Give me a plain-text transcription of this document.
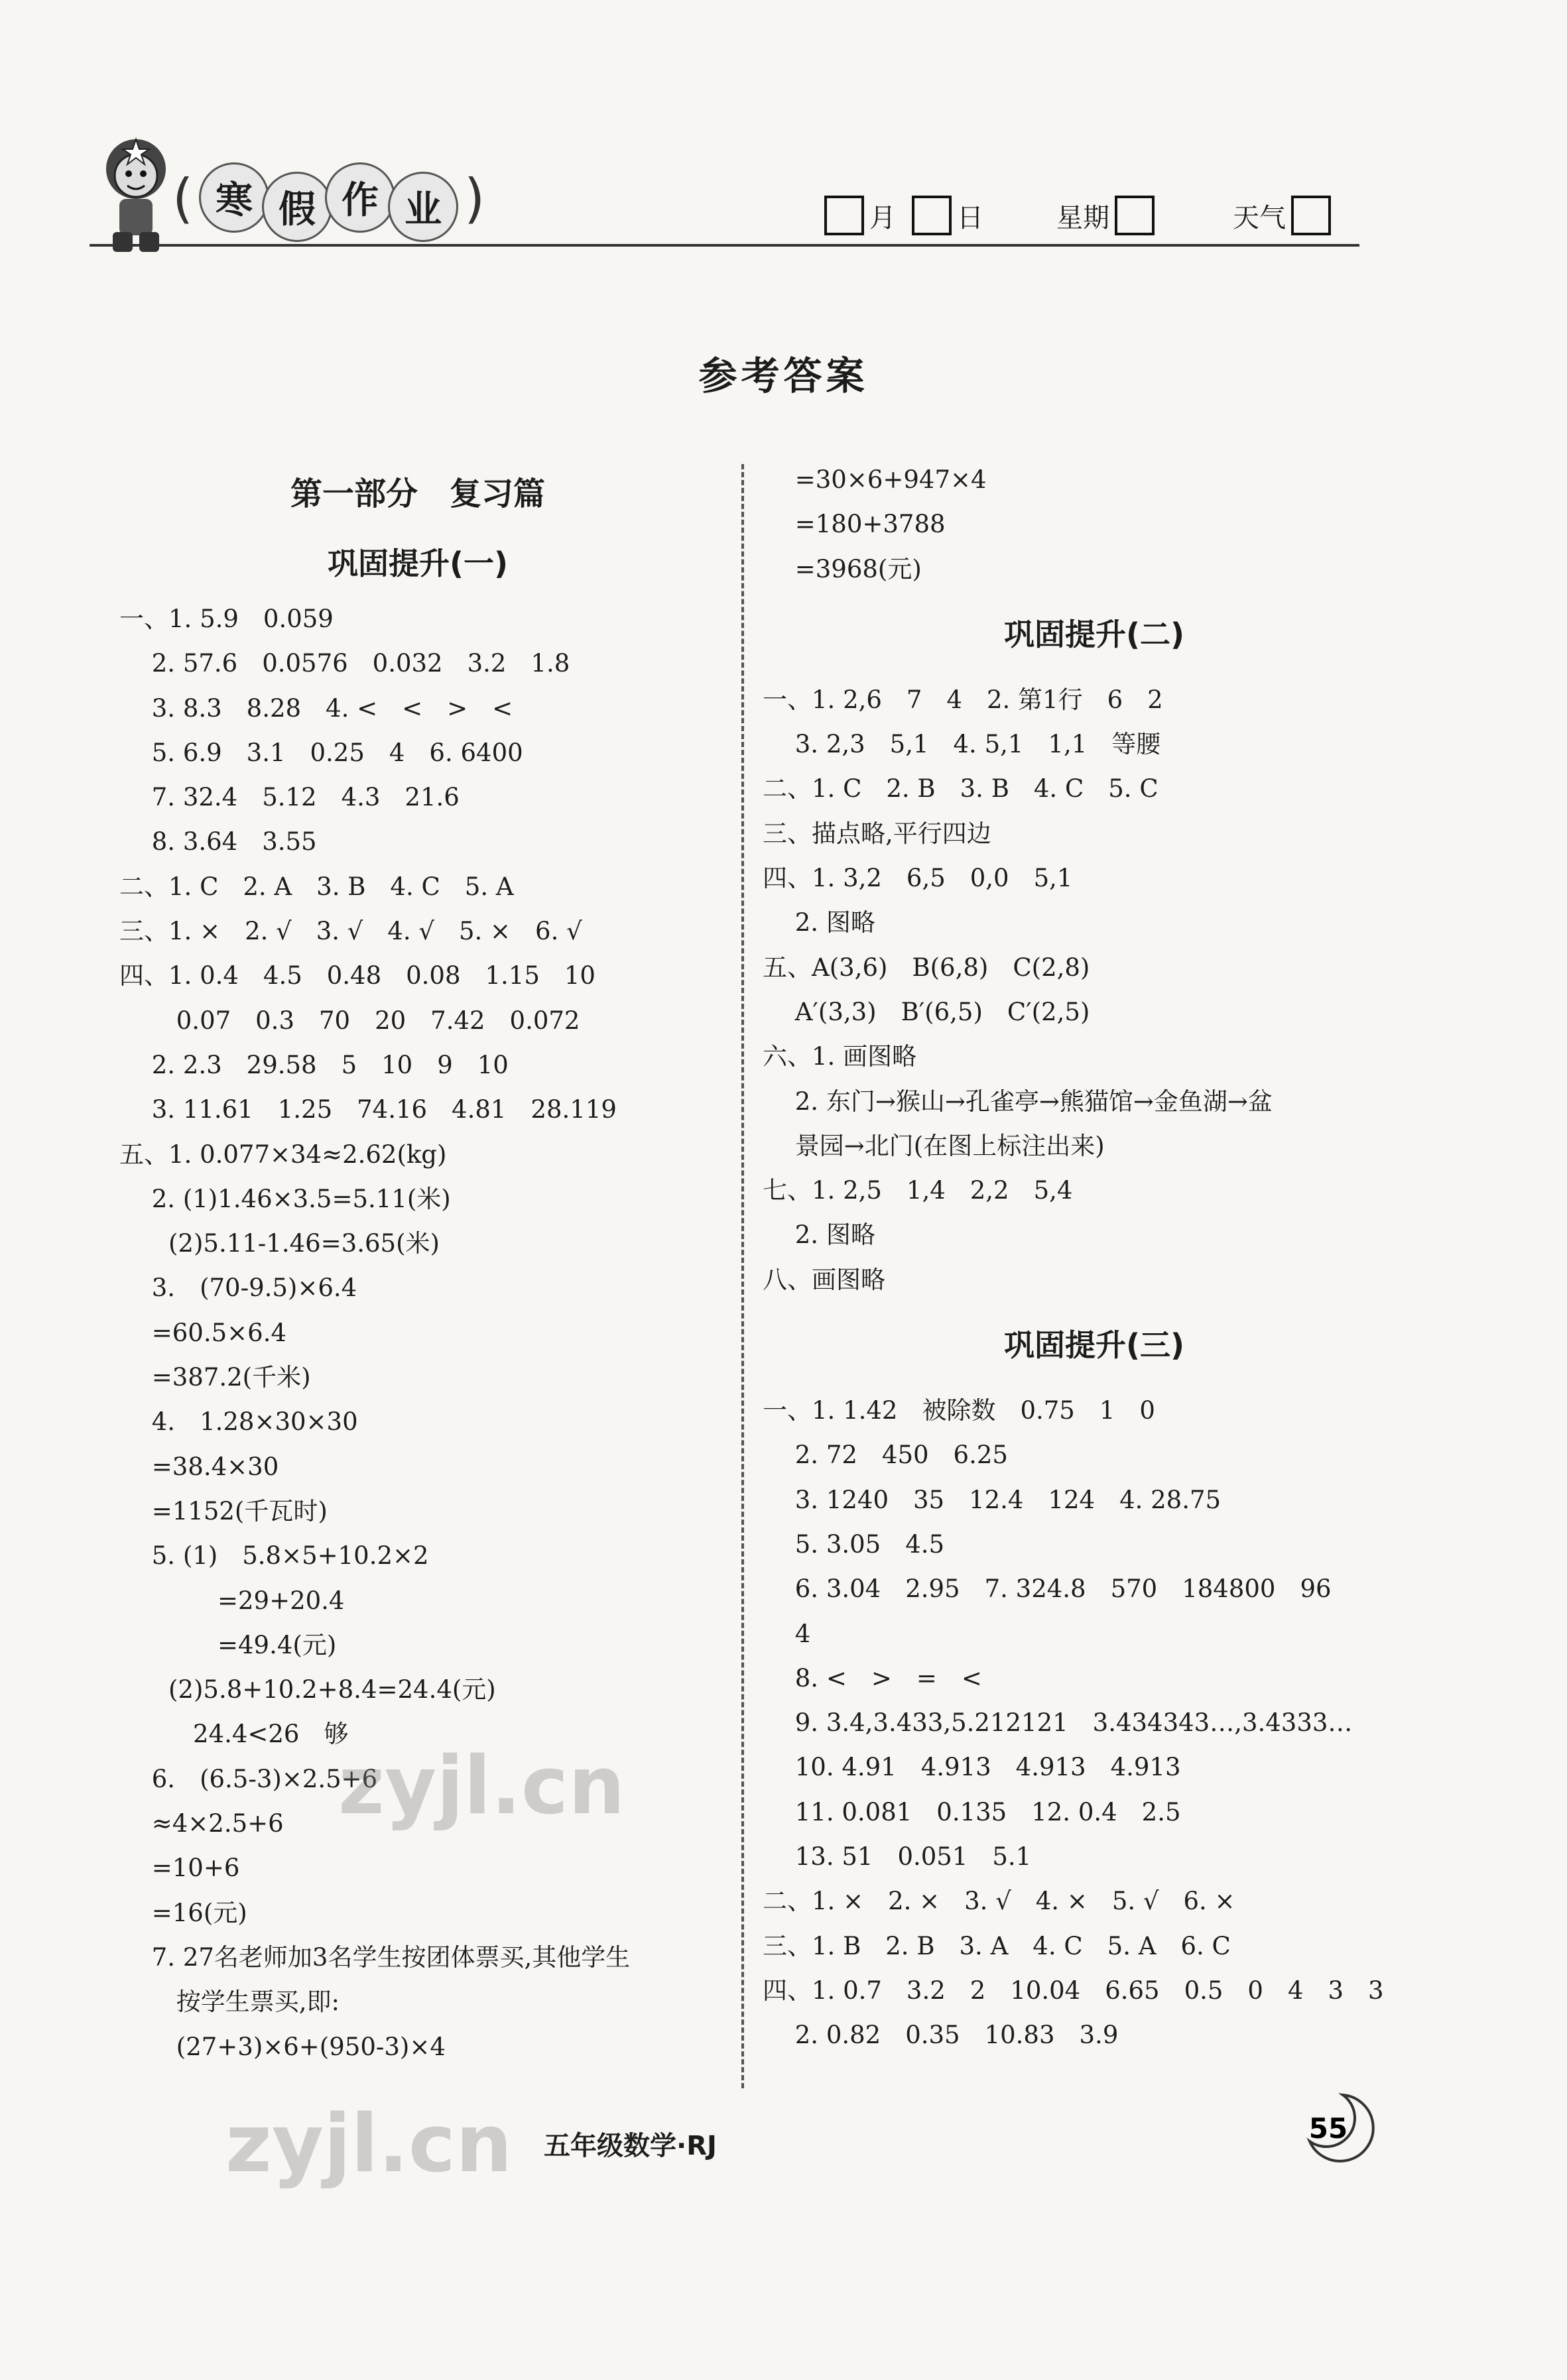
( 寒 假 作 业 )	月 日	星期	天气
参考答案
第一部分　复习篇
巩固提升(一)
一、1. 5.9　0.059
　 2. 57.6　0.0576　0.032　3.2　1.8
　 3. 8.3　8.28　4. <　<　>　<
　 5. 6.9　3.1　0.25　4　6. 6400
　 7. 32.4　5.12　4.3　21.6
　 8. 3.64　3.55
二、1. C　2. A　3. B　4. C　5. A
三、1. ×　2. √　3. √　4. √　5. ×　6. √
四、1. 0.4　4.5　0.48　0.08　1.15　10
　　 0.07　0.3　70　20　7.42　0.072
　 2. 2.3　29.58　5　10　9　10
　 3. 11.61　1.25　74.16　4.81　28.119
五、1. 0.077×34≈2.62(kg)
　 2. (1)1.46×3.5=5.11(米)
　　(2)5.11-1.46=3.65(米)
　 3.　(70-9.5)×6.4
　 =60.5×6.4
　 =387.2(千米)
　 4.　1.28×30×30
　 =38.4×30
　 =1152(千瓦时)
　 5. (1)　5.8×5+10.2×2
　　　　=29+20.4
　　　　=49.4(元)
　　(2)5.8+10.2+8.4=24.4(元)
　　　24.4<26　够
　 6.　(6.5-3)×2.5+6
　 ≈4×2.5+6
　 =10+6
　 =16(元)
　 7. 27名老师加3名学生按团体票买,其他学生
　　 按学生票买,即:
　　 (27+3)×6+(950-3)×4
　 =30×6+947×4
　 =180+3788
　 =3968(元)
巩固提升(二)
一、1. 2,6　7　4　2. 第1行　6　2
　 3. 2,3　5,1　4. 5,1　1,1　等腰
二、1. C　2. B　3. B　4. C　5. C
三、描点略,平行四边
四、1. 3,2　6,5　0,0　5,1
　 2. 图略
五、A(3,6)　B(6,8)　C(2,8)
　 A′(3,3)　B′(6,5)　C′(2,5)
六、1. 画图略
　 2. 东门→猴山→孔雀亭→熊猫馆→金鱼湖→盆
　 景园→北门(在图上标注出来)
七、1. 2,5　1,4　2,2　5,4
　 2. 图略
八、画图略
巩固提升(三)
一、1. 1.42　被除数　0.75　1　0
　 2. 72　450　6.25
　 3. 1240　35　12.4　124　4. 28.75
　 5. 3.05　4.5
　 6. 3.04　2.95　7. 324.8　570　184800　96
　 4
　 8. <　>　=　<
　 9. 3.4,3.433,5.212121　3.434343…,3.4333…
　 10. 4.91　4.913　4.913　4.913
　 11. 0.081　0.135　12. 0.4　2.5
　 13. 51　0.051　5.1
二、1. ×　2. ×　3. √　4. ×　5. √　6. ×
三、1. B　2. B　3. A　4. C　5. A　6. C
四、1. 0.7　3.2　2　10.04　6.65　0.5　0　4　3　3
　 2. 0.82　0.35　10.83　3.9
zyjl.cn
zyjl.cn 五年级数学·RJ
55
